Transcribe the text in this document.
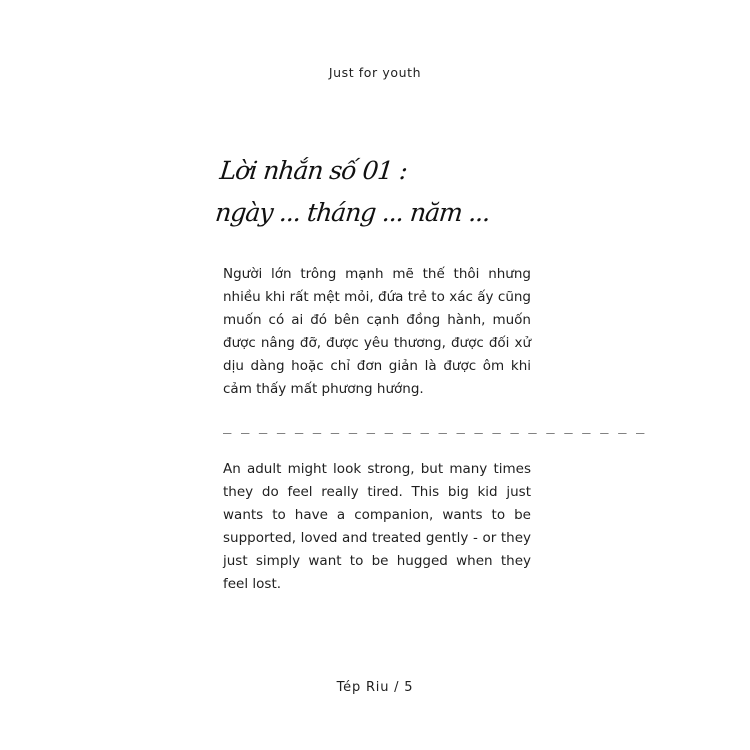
Just for youth
Lời nhắn số 01 :
ngày ... tháng ... năm ...
Người lớn trông mạnh mẽ thế thôi nhưng nhiều khi rất mệt mỏi, đứa trẻ to xác ấy cũng muốn có ai đó bên cạnh đồng hành, muốn được nâng đỡ, được yêu thương, được đối xử dịu dàng hoặc chỉ đơn giản là được ôm khi cảm thấy mất phương hướng.
_ _ _ _ _ _ _ _ _ _ _ _ _ _ _ _ _ _ _ _ _ _ _ _
An adult might look strong, but many times they do feel really tired. This big kid just wants to have a companion, wants to be supported, loved and treated gently - or they just simply want to be hugged when they feel lost.
Tép Riu / 5
